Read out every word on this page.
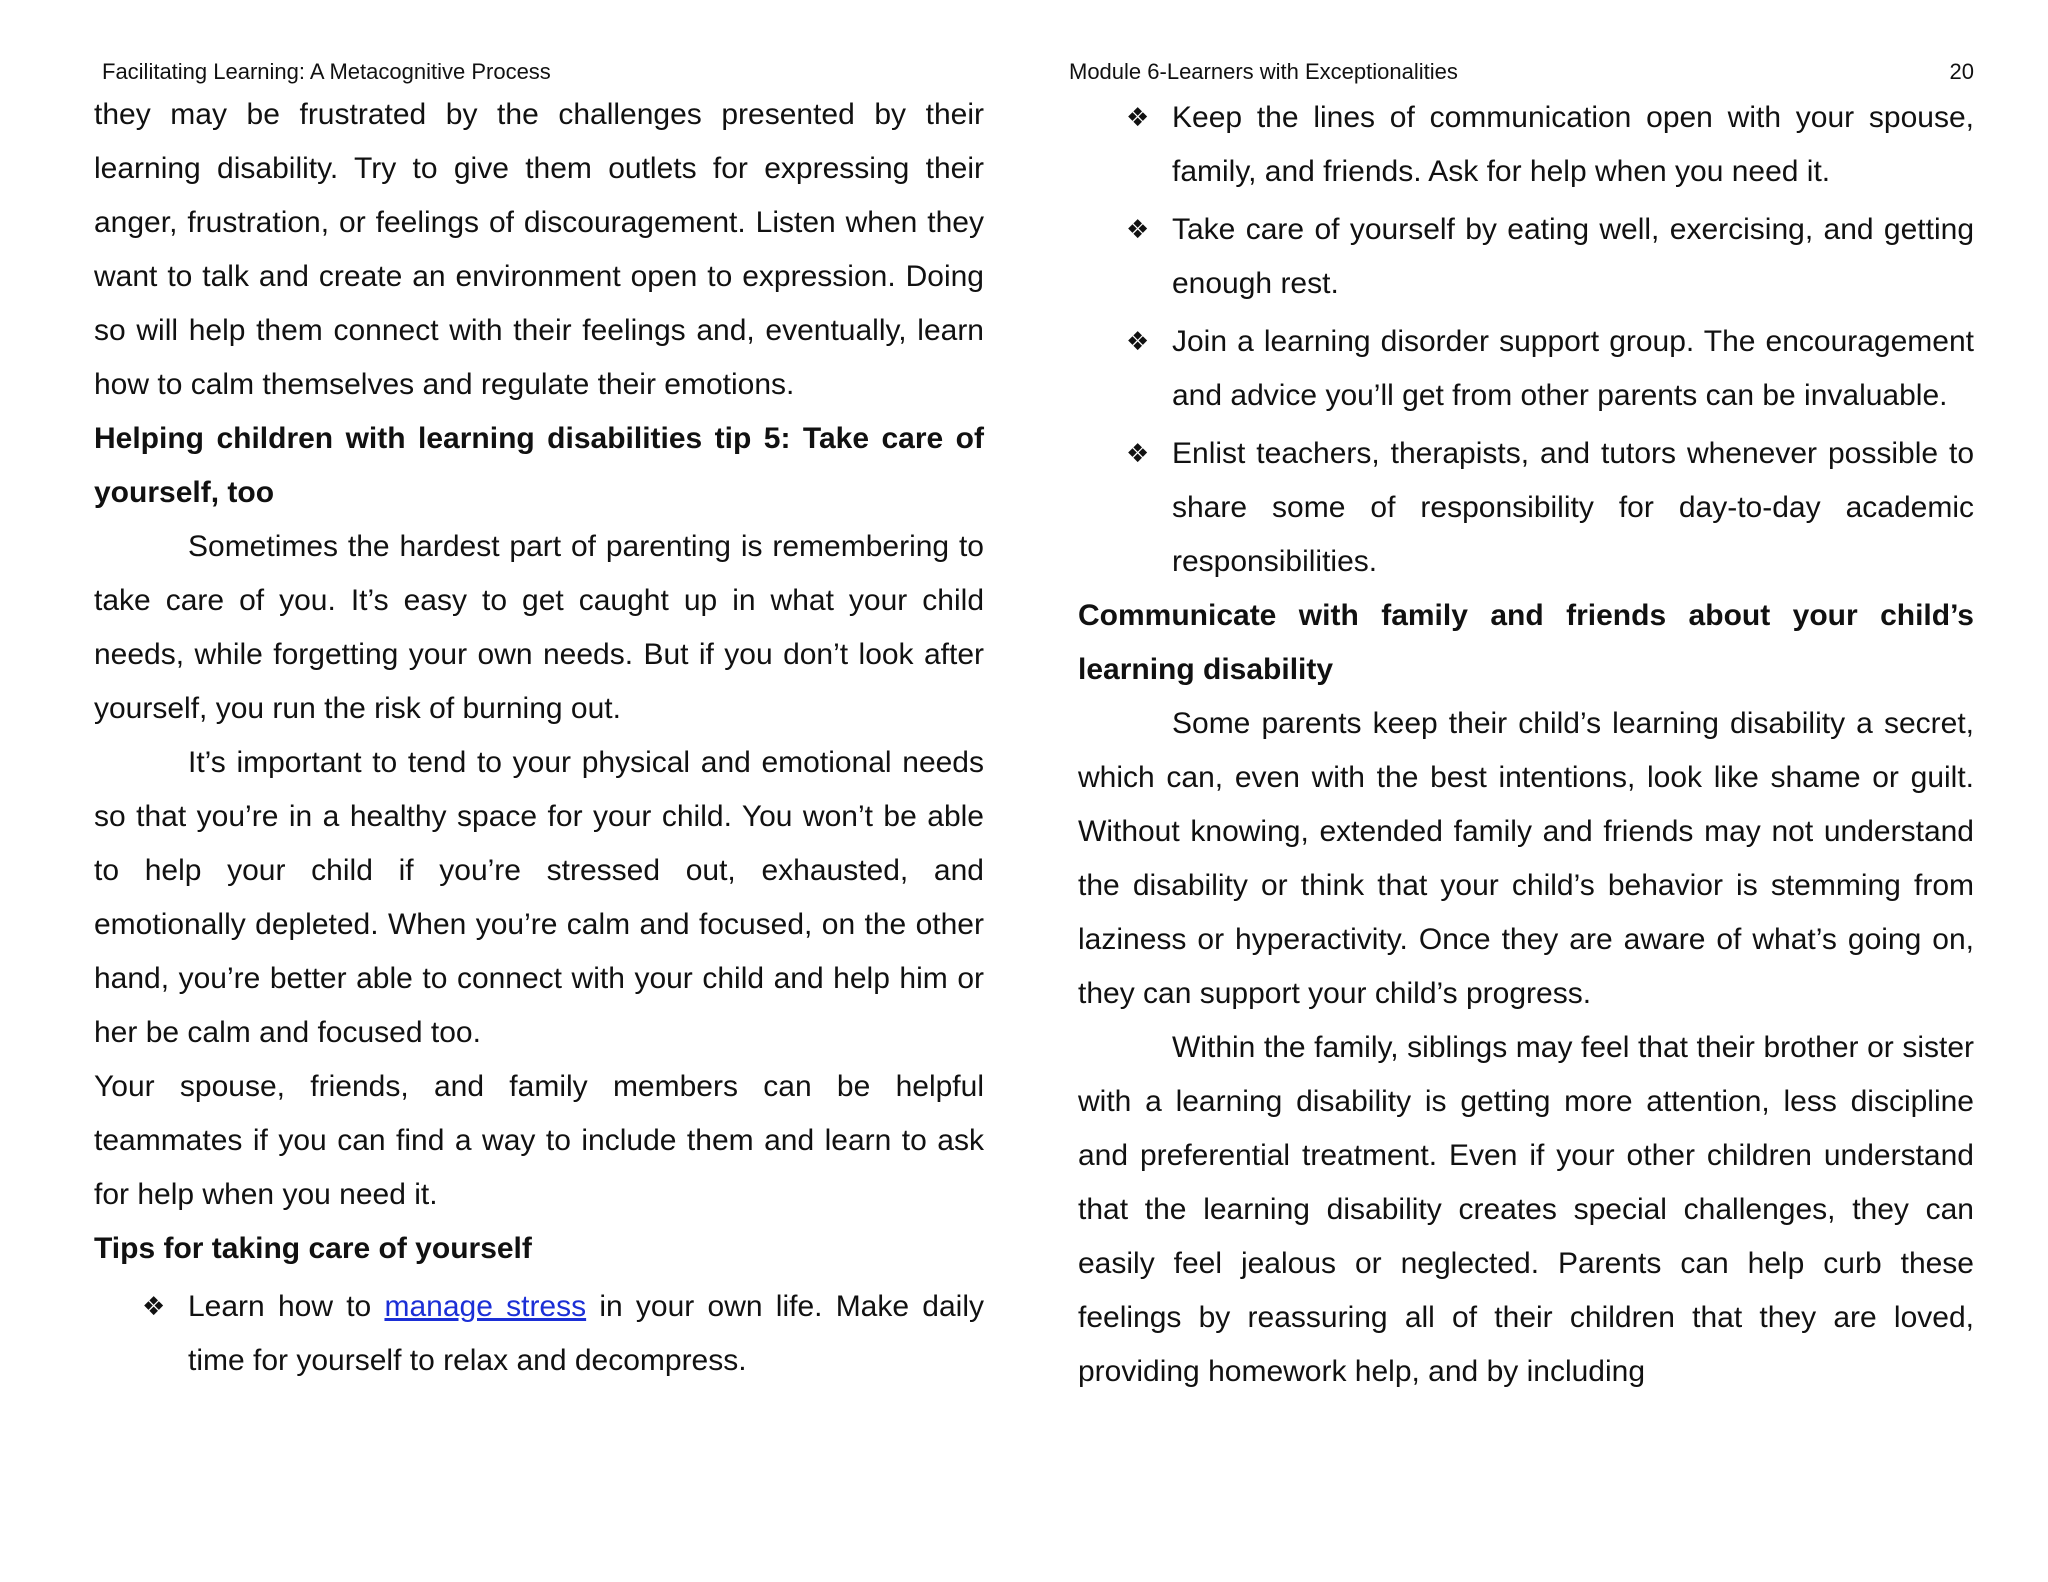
Facilitating Learning: A Metacognitive Process	Module 6-Learners with Exceptionalities	20

they may be frustrated by the challenges presented by their learning disability. Try to give them outlets for expressing their anger, frustration, or feelings of discouragement. Listen when they want to talk and create an environment open to expression. Doing so will help them connect with their feelings and, eventually, learn how to calm themselves and regulate their emotions.

Helping children with learning disabilities tip 5: Take care of yourself, too

Sometimes the hardest part of parenting is remembering to take care of you. It’s easy to get caught up in what your child needs, while forgetting your own needs. But if you don’t look after yourself, you run the risk of burning out.

It’s important to tend to your physical and emotional needs so that you’re in a healthy space for your child. You won’t be able to help your child if you’re stressed out, exhausted, and emotionally depleted. When you’re calm and focused, on the other hand, you’re better able to connect with your child and help him or her be calm and focused too.

Your spouse, friends, and family members can be helpful teammates if you can find a way to include them and learn to ask for help when you need it.

Tips for taking care of yourself
❖ Learn how to manage stress in your own life. Make daily time for yourself to relax and decompress.
❖ Keep the lines of communication open with your spouse, family, and friends. Ask for help when you need it.
❖ Take care of yourself by eating well, exercising, and getting enough rest.
❖ Join a learning disorder support group. The encouragement and advice you’ll get from other parents can be invaluable.
❖ Enlist teachers, therapists, and tutors whenever possible to share some of responsibility for day-to-day academic responsibilities.
Communicate with family and friends about your child’s learning disability

Some parents keep their child’s learning disability a secret, which can, even with the best intentions, look like shame or guilt. Without knowing, extended family and friends may not understand the disability or think that your child’s behavior is stemming from laziness or hyperactivity. Once they are aware of what’s going on, they can support your child’s progress.

Within the family, siblings may feel that their brother or sister with a learning disability is getting more attention, less discipline and preferential treatment. Even if your other children understand that the learning disability creates special challenges, they can easily feel jealous or neglected. Parents can help curb these feelings by reassuring all of their children that they are loved, providing homework help, and by including
